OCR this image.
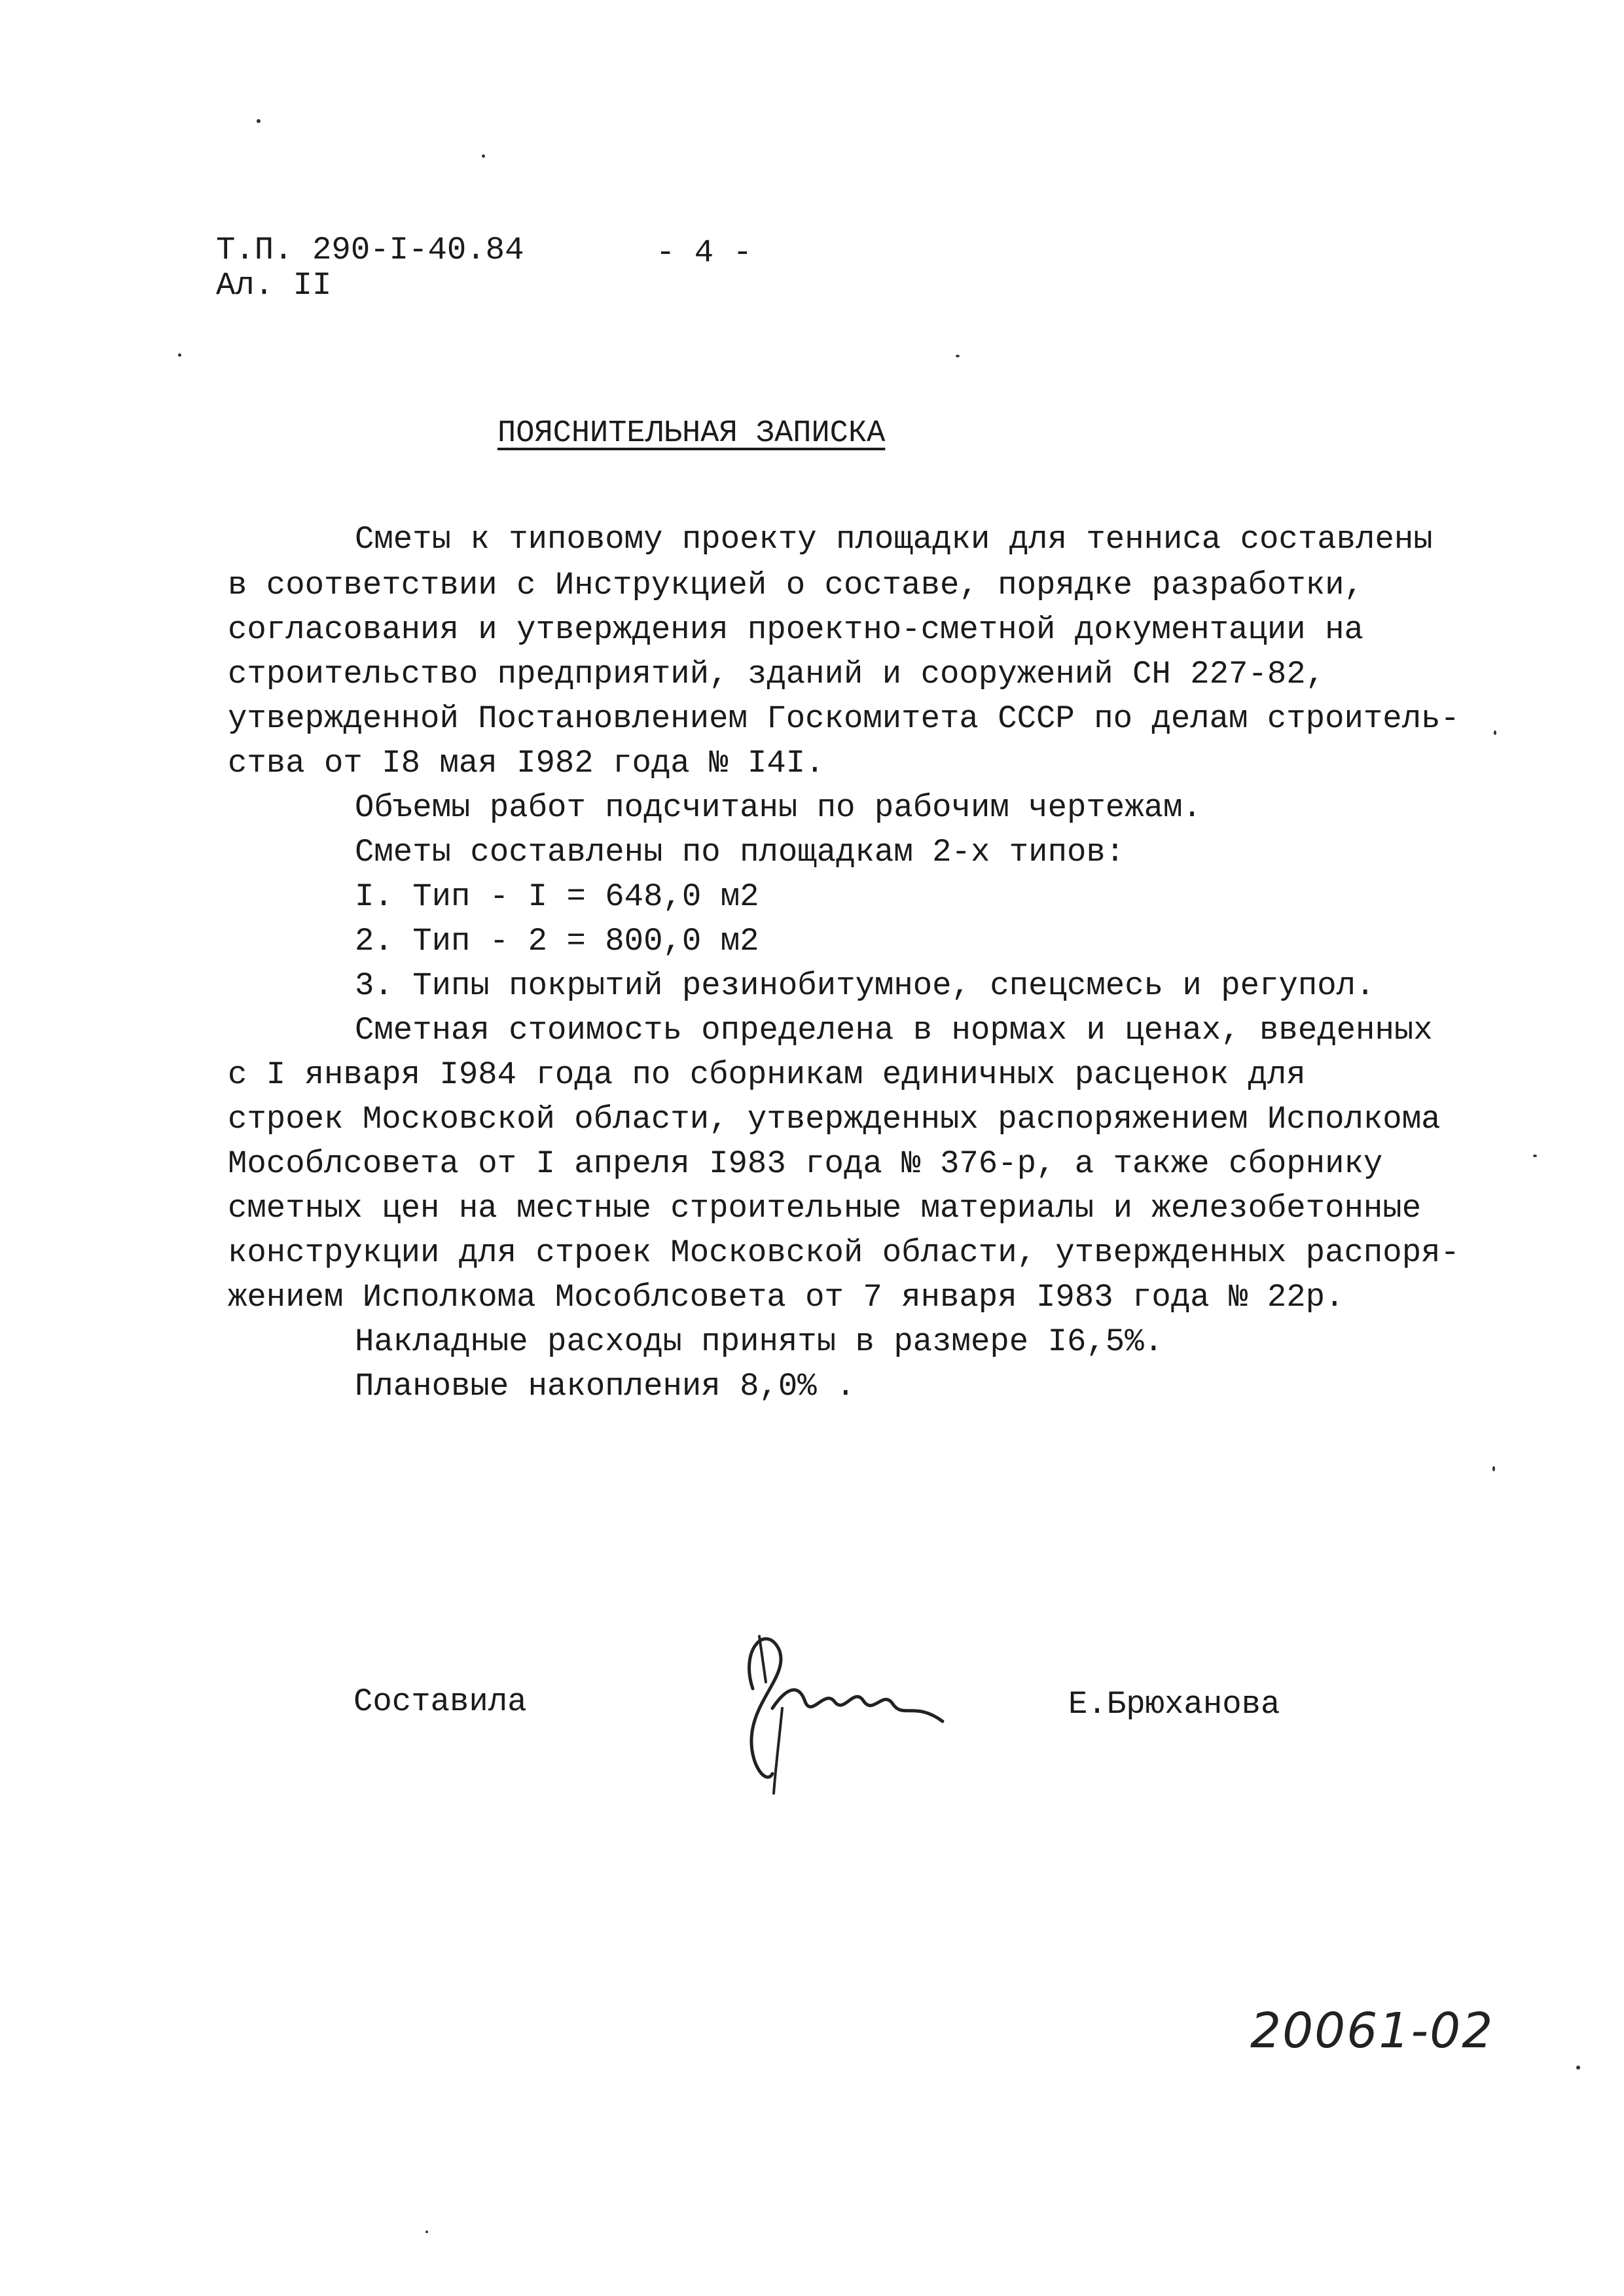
Т.П. 290-I-40.84
Ал. II
- 4 -
ПОЯСНИТЕЛЬНАЯ ЗАПИСКА
Сметы к типовому проекту площадки для тенниса составлены
в соответствии с Инструкцией о составе, порядке разработки,
согласования и утверждения проектно-сметной документации на
строительство предприятий, зданий и сооружений СН 227-82,
утвержденной Постановлением Госкомитета СССР по делам строитель-
ства от I8 мая I982 года № I4I.
Объемы работ подсчитаны по рабочим чертежам.
Сметы составлены по площадкам 2-х типов:
I. Тип - I = 648,0 м2
2. Тип - 2 = 800,0 м2
3. Типы покрытий резинобитумное, спецсмесь и регупол.
Сметная стоимость определена в нормах и ценах, введенных
с I января I984 года по сборникам единичных расценок для
строек Московской области, утвержденных распоряжением Исполкома
Мособлсовета от I апреля I983 года № 376-р, а также сборнику
сметных цен на местные строительные материалы и железобетонные
конструкции для строек Московской области, утвержденных распоря-
жением Исполкома Мособлсовета от 7 января I983 года № 22р.
Накладные расходы приняты в размере I6,5%.
Плановые накопления 8,0% .
Составила	Е.Брюханова
20061-02
